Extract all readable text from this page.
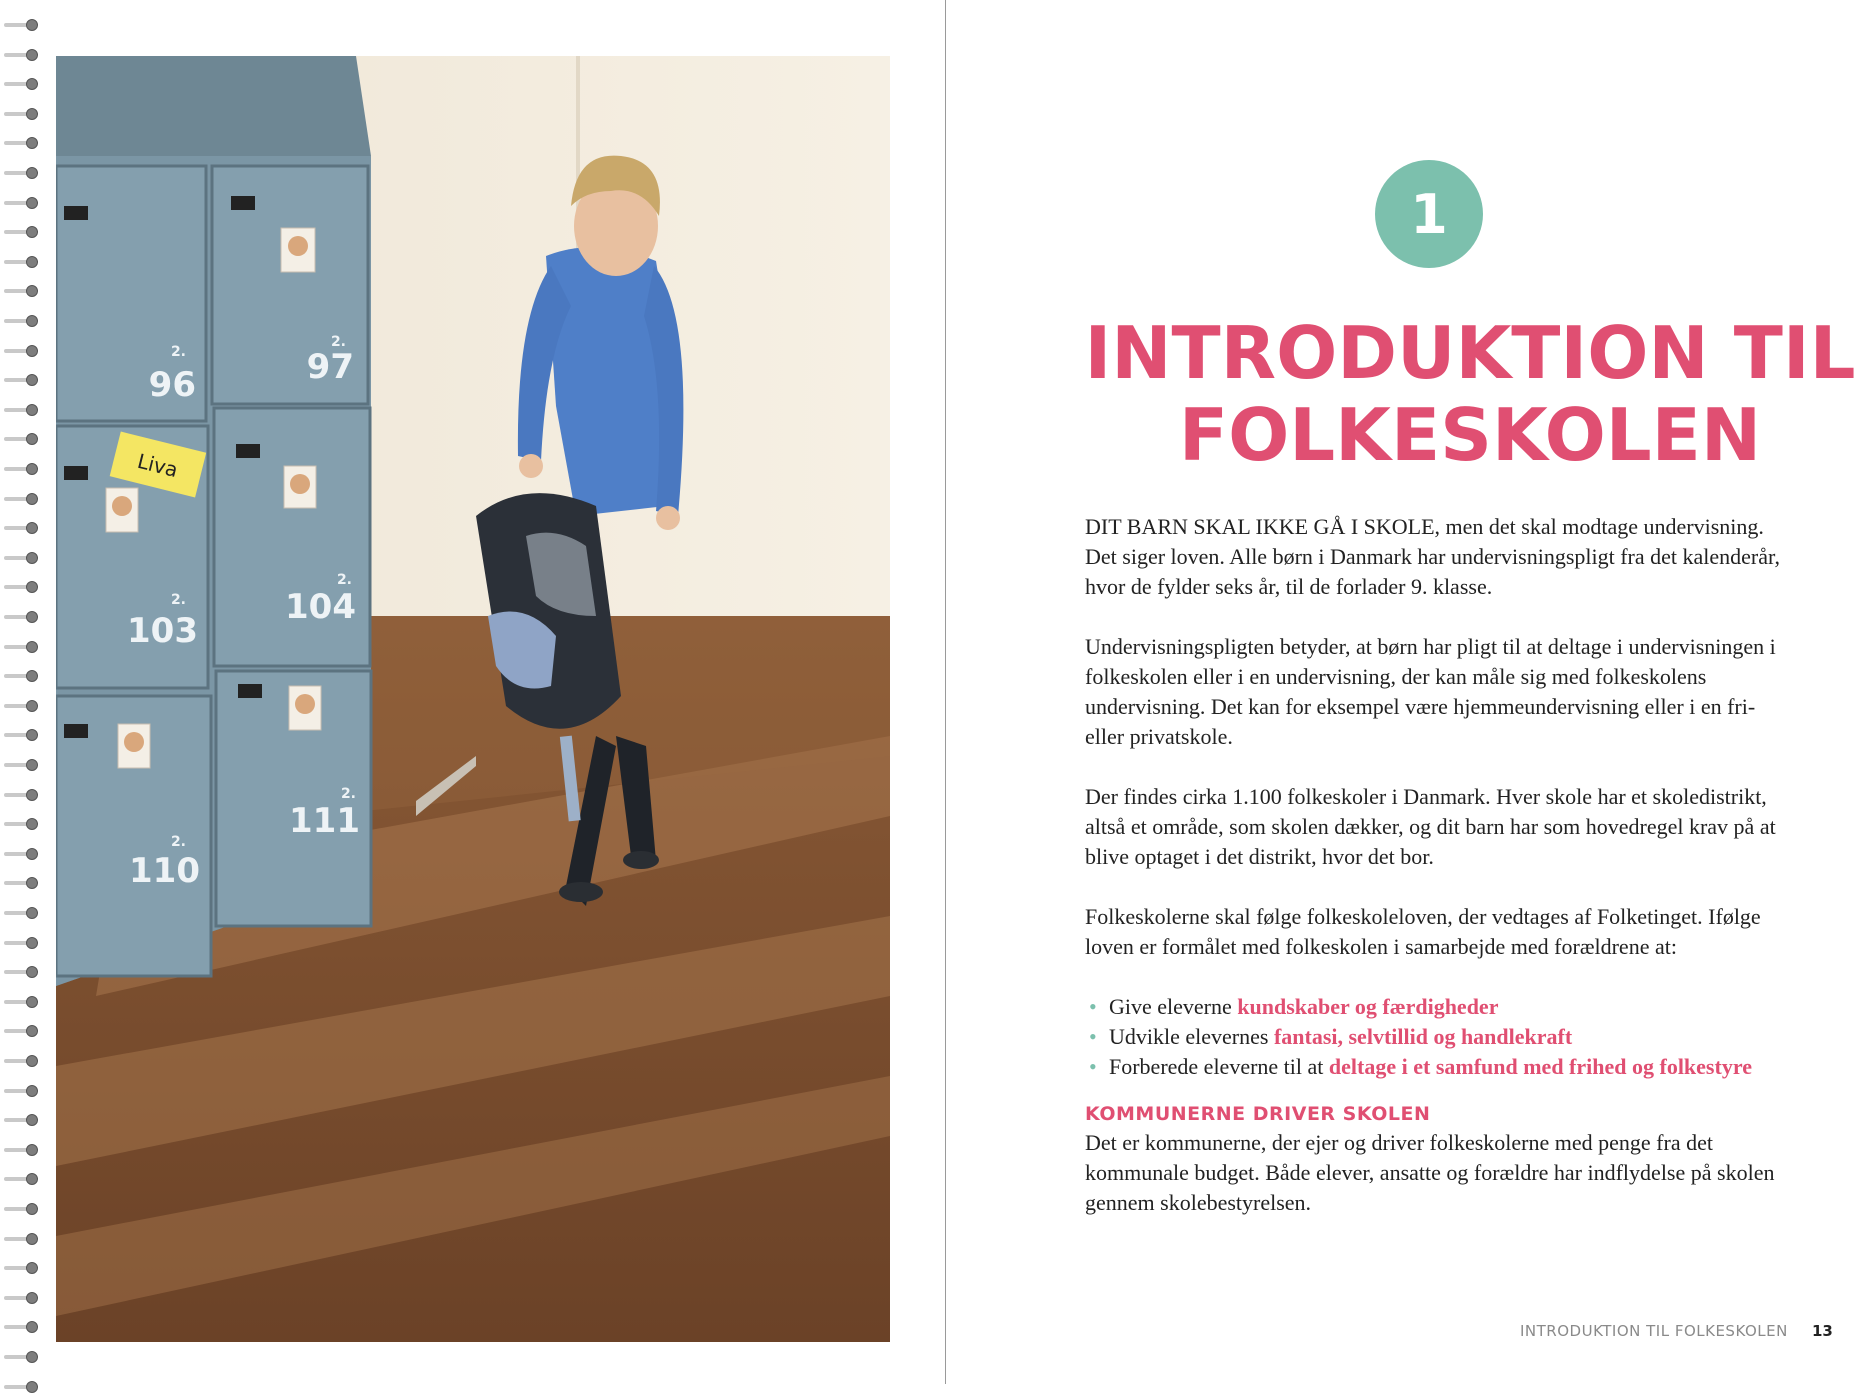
Liva
2.
96
2.
97
2.
103
2.
104
2.
110
2.
111
1
INTRODUKTION TIL
FOLKESKOLEN

DIT BARN SKAL IKKE GÅ I SKOLE, men det skal modtage undervisning. Det siger loven. Alle børn i Danmark har undervisningspligt fra det kalenderår, hvor de fylder seks år, til de forlader 9. klasse.

Undervisningspligten betyder, at børn har pligt til at deltage i undervisningen i folkeskolen eller i en undervisning, der kan måle sig med folkeskolens undervisning. Det kan for eksempel være hjemmeundervisning eller i en fri- eller privatskole.

Der findes cirka 1.100 folkeskoler i Danmark. Hver skole har et skoledistrikt, altså et område, som skolen dækker, og dit barn har som hovedregel krav på at blive optaget i det distrikt, hvor det bor.

Folkeskolerne skal følge folkeskoleloven, der vedtages af Folketinget. Ifølge loven er formålet med folkeskolen i samarbejde med forældrene at:

• Give eleverne kundskaber og færdigheder
• Udvikle elevernes fantasi, selvtillid og handlekraft
• Forberede eleverne til at deltage i et samfund med frihed og folkestyre
KOMMUNERNE DRIVER SKOLEN

Det er kommunerne, der ejer og driver folkeskolerne med penge fra det kommunale budget. Både elever, ansatte og forældre har indflydelse på skolen gennem skolebestyrelsen.

INTRODUKTION TIL FOLKESKOLEN 13
